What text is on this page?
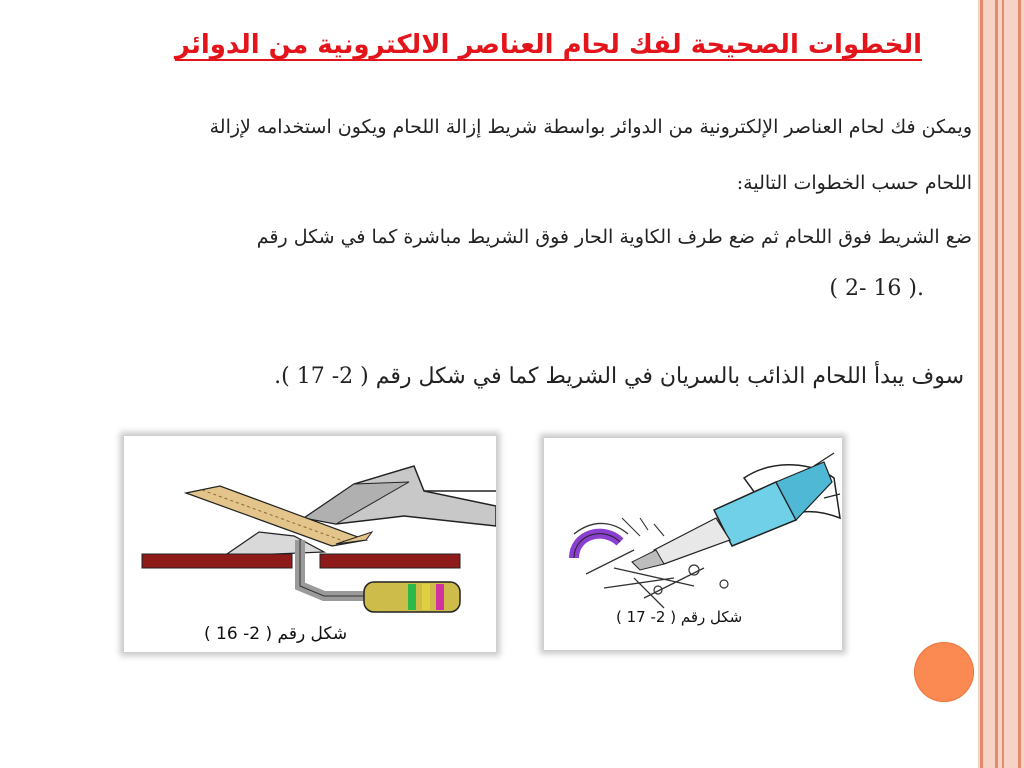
الخطوات الصحيحة لفك لحام العناصر الالكترونية من الدوائر

ويمكن فك لحام العناصر الإلكترونية من الدوائر بواسطة شريط إزالة اللحام ويكون استخدامه لإزالة

اللحام حسب الخطوات التالية:

ضع الشريط فوق اللحام ثم ضع طرف الكاوية الحار فوق الشريط مباشرة كما في شكل رقم

.( 16 -2 )

سوف يبدأ اللحام الذائب بالسريان في الشريط كما في شكل رقم ( 2- 17 ).

شكل رقم ( 2- 16 )
شكل رقم ( 2- 17 )
